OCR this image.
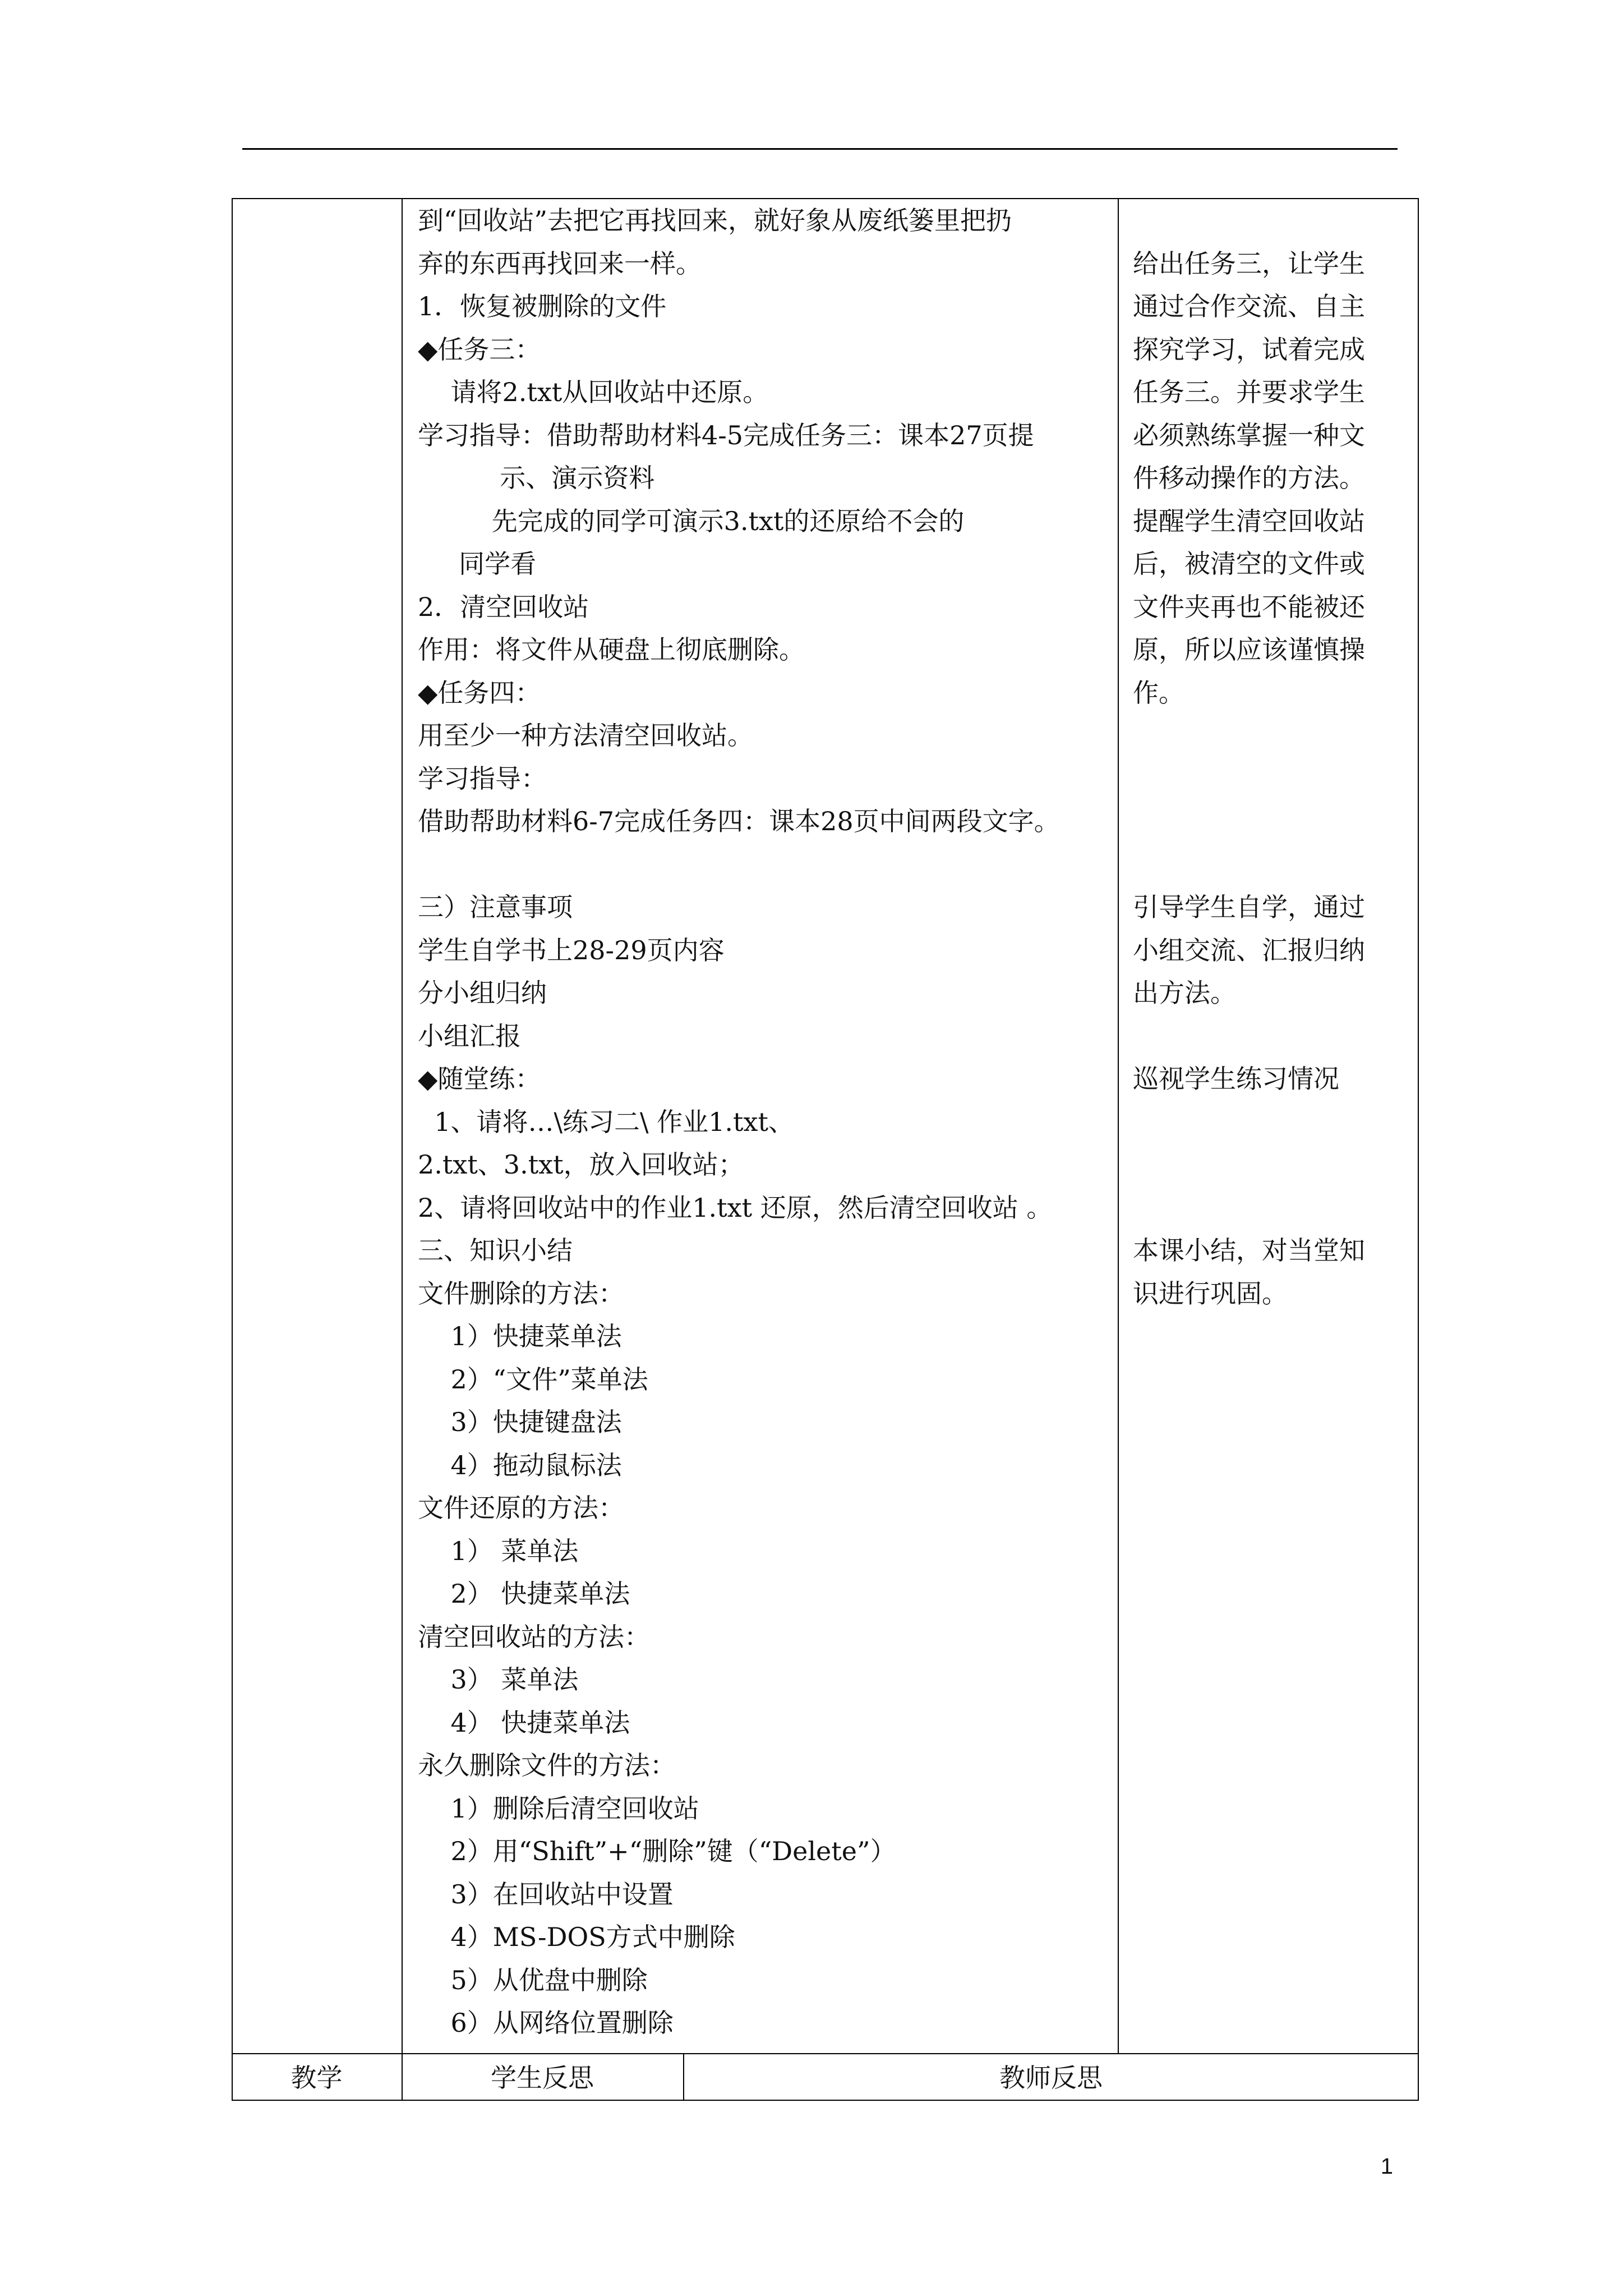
到“回收站”去把它再找回来，就好象从废纸篓里把扔
弃的东西再找回来一样。
1．恢复被删除的文件
◆任务三：
请将2.txt从回收站中还原。
学习指导：借助帮助材料4-5完成任务三：课本27页提
示、演示资料
先完成的同学可演示3.txt的还原给不会的
同学看
2．清空回收站
作用：将文件从硬盘上彻底删除。
◆任务四：
用至少一种方法清空回收站。
学习指导：
借助帮助材料6-7完成任务四：课本28页中间两段文字。
三）注意事项
学生自学书上28-29页内容
分小组归纳
小组汇报
◆随堂练：
1、请将…\练习二\ 作业1.txt、
2.txt、3.txt，放入回收站；
2、请将回收站中的作业1.txt 还原，然后清空回收站 。
三、知识小结
文件删除的方法：
1）快捷菜单法
2）“文件”菜单法
3）快捷键盘法
4）拖动鼠标法
文件还原的方法：
1） 菜单法
2） 快捷菜单法
清空回收站的方法：
3） 菜单法
4） 快捷菜单法
永久删除文件的方法：
1）删除后清空回收站
2）用“Shift”+“删除”键（“Delete”）
3）在回收站中设置
4）MS-DOS方式中删除
5）从优盘中删除
6）从网络位置删除
给出任务三，让学生
通过合作交流、自主
探究学习，试着完成
任务三。并要求学生
必须熟练掌握一种文
件移动操作的方法。
提醒学生清空回收站
后，被清空的文件或
文件夹再也不能被还
原，所以应该谨慎操
作。
引导学生自学，通过
小组交流、汇报归纳
出方法。
巡视学生练习情况
本课小结，对当堂知
识进行巩固。
教学	学生反思	教师反思
1
